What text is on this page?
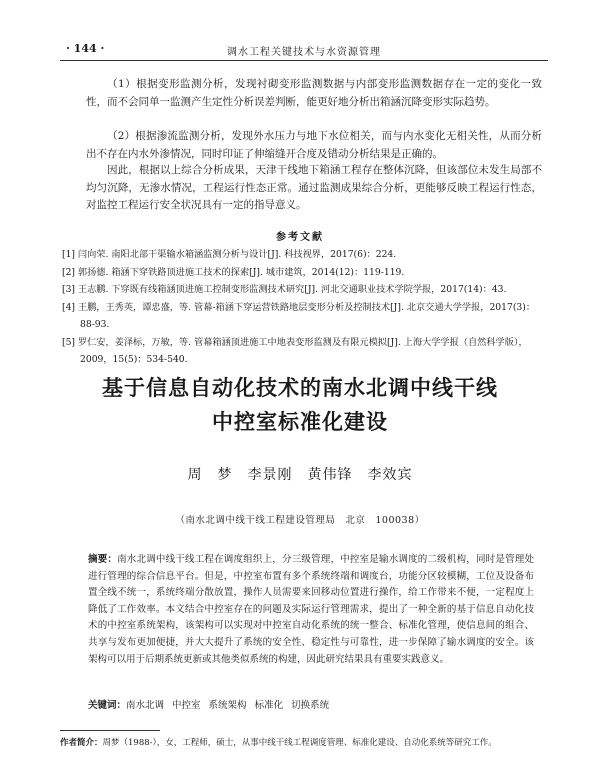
· 144 ·	调水工程关键技术与水资源管理

（1）根据变形监测分析，发现衬砌变形监测数据与内部变形监测数据存在一定的变化一致性，而不会同单一监测产生定性分析误差判断，能更好地分析出箱涵沉降变形实际趋势。

（2）根据渗流监测分析，发现外水压力与地下水位相关，而与内水变化无相关性，从而分析出不存在内水外渗情况，同时印证了伸缩缝开合度及错动分析结果是正确的。

因此，根据以上综合分析成果，天津干线地下箱涵工程存在整体沉降，但该部位未发生局部不均匀沉降，无渗水情况，工程运行性态正常。通过监测成果综合分析，更能够反映工程运行性态，对监控工程运行安全状况具有一定的指导意义。

参考文献
[1] 闫向荣. 南阳北部干渠输水箱涵监测分析与设计[J]. 科技视界，2017(6)：224.
[2] 郭扬德. 箱涵下穿铁路顶进施工技术的探索[J]. 城市建筑，2014(12)：119-119.
[3] 王志鹏. 下穿既有线箱涵顶进施工控制变形监测技术研究[J]. 河北交通职业技术学院学报，2017(14)：43.
[4] 王鹏，王秀英，谭忠盛，等. 管幕-箱涵下穿运营铁路地层变形分析及控制技术[J]. 北京交通大学学报，2017(3)：88-93.
[5] 罗仁安，姜泽标，万敏，等. 管幕箱涵顶进施工中地表变形监测及有限元模拟[J]. 上海大学学报（自然科学版），2009，15(5)：534-540.
基于信息自动化技术的南水北调中线干线
中控室标准化建设
周　梦　李景刚　黄伟锋　李效宾
（南水北调中线干线工程建设管理局　北京　100038）

摘要：南水北调中线干线工程在调度组织上，分三级管理，中控室是输水调度的二级机构，同时是管理处进行管理的综合信息平台。但是，中控室布置有多个系统终端和调度台，功能分区较模糊，工位及设备布置全线不统一，系统终端分散放置，操作人员需要来回移动位置进行操作，给工作带来不便，一定程度上降低了工作效率。本文结合中控室存在的问题及实际运行管理需求，提出了一种全新的基于信息自动化技术的中控室系统架构，该架构可以实现对中控室自动化系统的统一整合、标准化管理，使信息间的组合、共享与发布更加便捷，并大大提升了系统的安全性、稳定性与可靠性，进一步保障了输水调度的安全。该架构可以用于后期系统更新或其他类似系统的构建，因此研究结果具有重要实践意义。

关键词：南水北调 中控室 系统架构 标准化 切换系统
作者简介：周梦（1988-），女，工程师，硕士，从事中线干线工程调度管理、标准化建设、自动化系统等研究工作。
